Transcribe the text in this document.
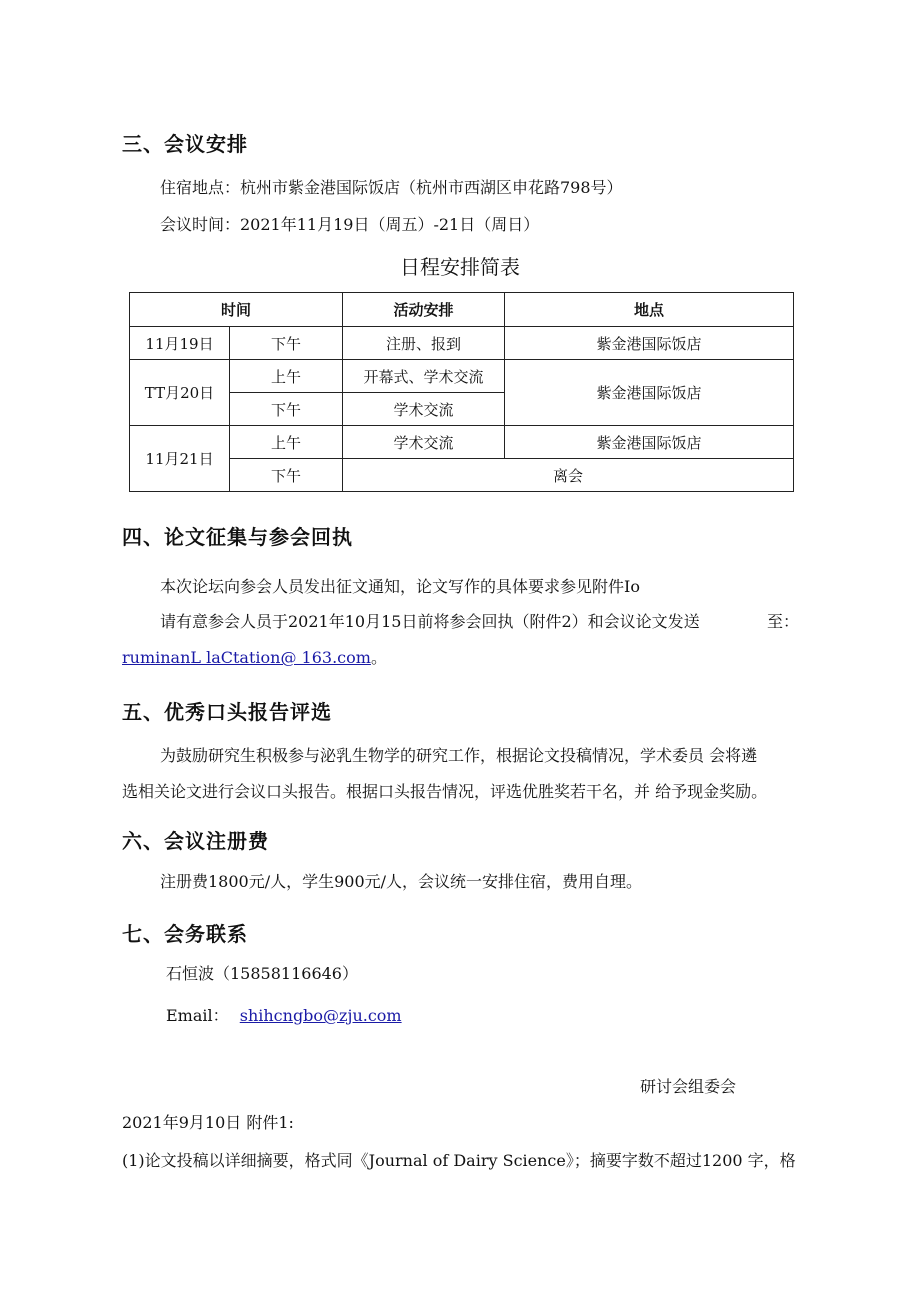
三、会议安排
住宿地点：杭州市紫金港国际饭店（杭州市西湖区申花路798号）
会议时间：2021年11月19日（周五）-21日（周日）
日程安排简表
时间		活动安排	地点
11月19日	下午	注册、报到	紫金港国际饭店
TT月20日	上午	开幕式、学术交流	紫金港国际饭店
	下午	学术交流	
11月21日	上午	学术交流	紫金港国际饭店
	下午	离会	
四、论文征集与参会回执
本次论坛向参会人员发出征文通知，论文写作的具体要求参见附件Io
请有意参会人员于2021年10月15日前将参会回执（附件2）和会议论文发送	至：
ruminanL laCtation@ 163.com。
五、优秀口头报告评选
为鼓励研究生积极参与泌乳生物学的研究工作，根据论文投稿情况，学术委员 会将遴
选相关论文进行会议口头报告。根据口头报告情况，评选优胜奖若干名，并 给予现金奖励。
六、会议注册费
注册费1800元/人，学生900元/人，会议统一安排住宿，费用自理。
七、会务联系
石恒波（15858116646）
Email： shihcngbo@zju.com
研讨会组委会
2021年9月10日 附件1:
(1)论文投稿以详细摘要，格式同《Journal of Dairy Science》；摘要字数不超过1200 字，格
